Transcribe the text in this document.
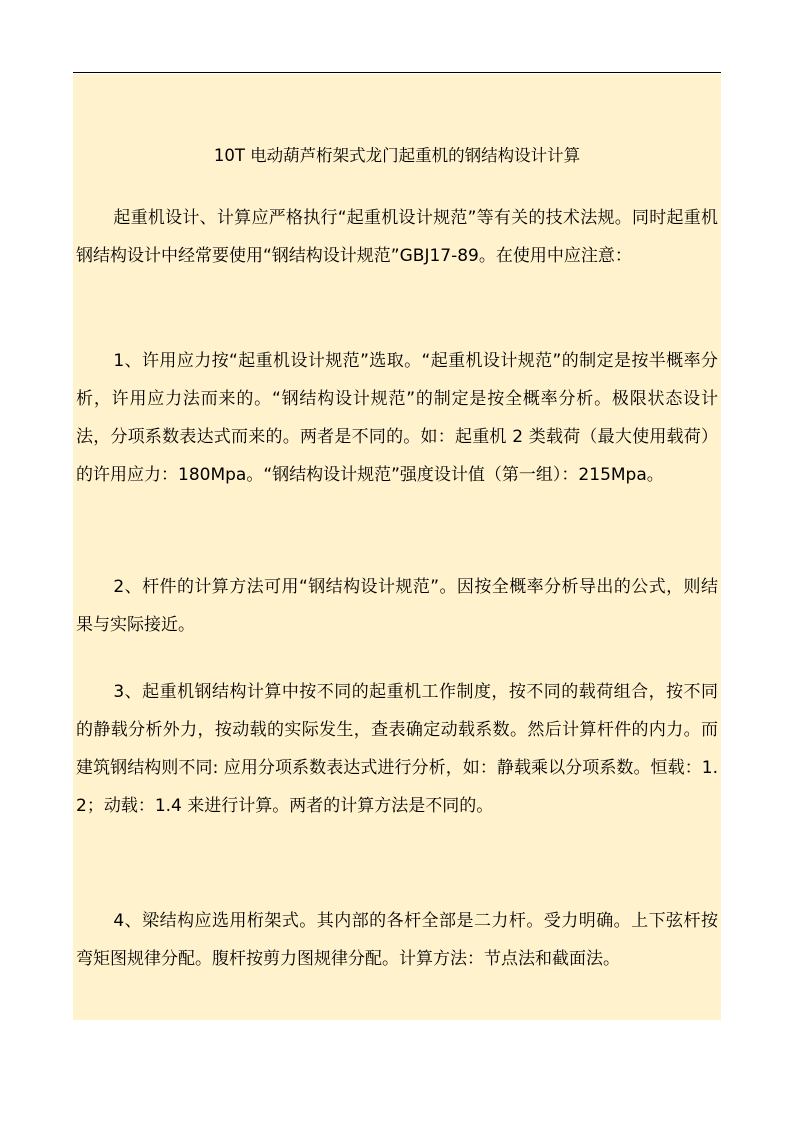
10T 电动葫芦桁架式龙门起重机的钢结构设计计算

起重机设计、计算应严格执行“起重机设计规范”等有关的技术法规。同时起重机钢结构设计中经常要使用“钢结构设计规范”GBJ17-89。在使用中应注意：

1、许用应力按“起重机设计规范”选取。“起重机设计规范”的制定是按半概率分析，许用应力法而来的。“钢结构设计规范”的制定是按全概率分析。极限状态设计法，分项系数表达式而来的。两者是不同的。如：起重机 2 类载荷（最大使用载荷）的许用应力：180Mpa。“钢结构设计规范”强度设计值（第一组）：215Mpa。

2、杆件的计算方法可用“钢结构设计规范”。因按全概率分析导出的公式，则结果与实际接近。

3、起重机钢结构计算中按不同的起重机工作制度，按不同的载荷组合，按不同的静载分析外力，按动载的实际发生，查表确定动载系数。然后计算杆件的内力。而建筑钢结构则不同: 应用分项系数表达式进行分析，如：静载乘以分项系数。恒载：1.2；动载：1.4 来进行计算。两者的计算方法是不同的。

4、梁结构应选用桁架式。其内部的各杆全部是二力杆。受力明确。上下弦杆按弯矩图规律分配。腹杆按剪力图规律分配。计算方法：节点法和截面法。
